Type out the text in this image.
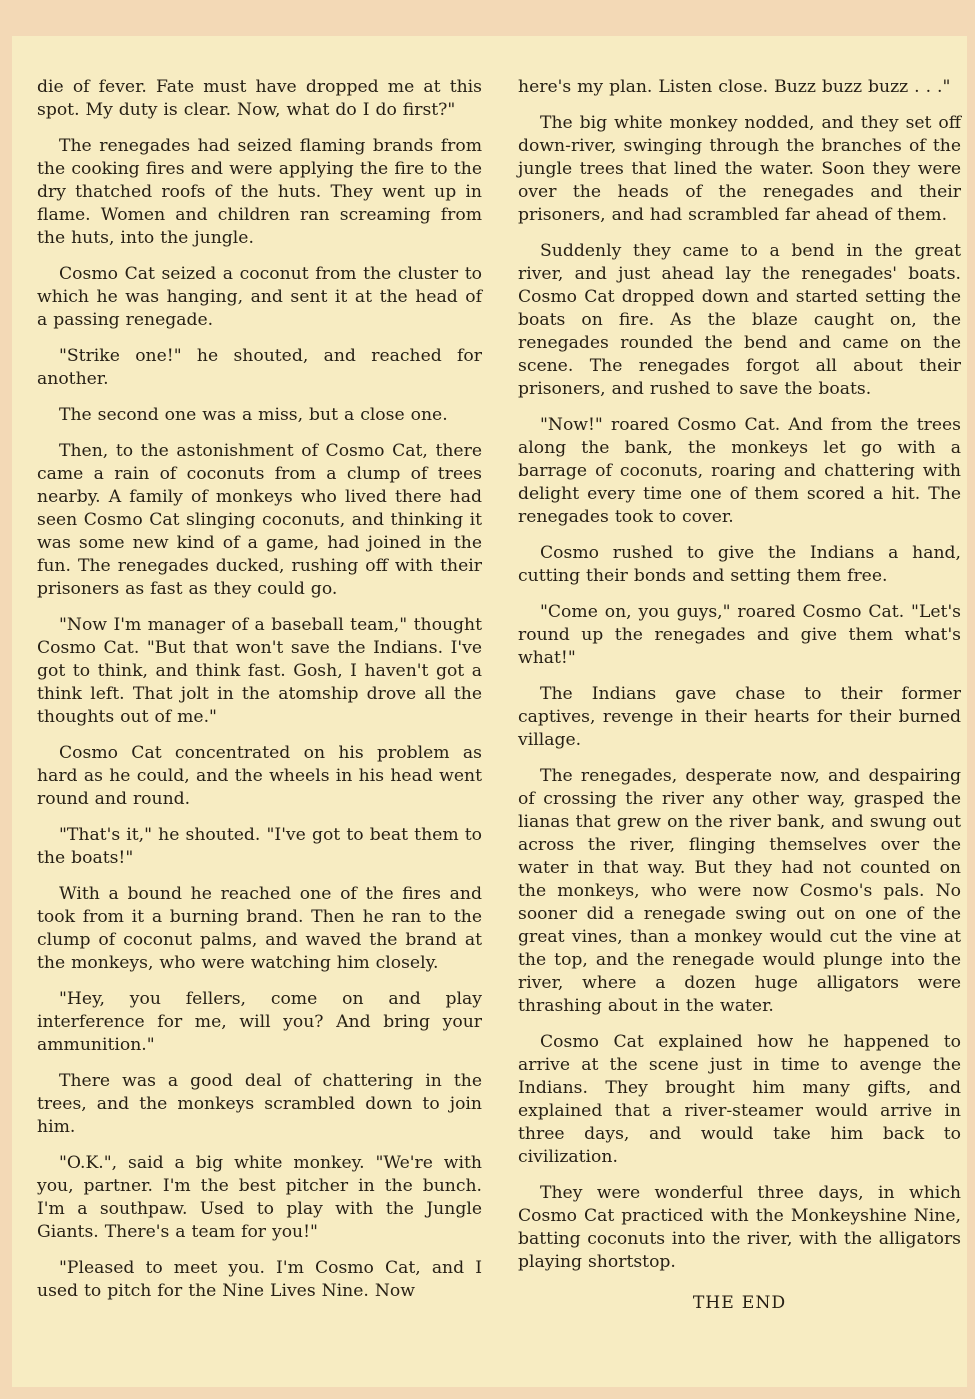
die of fever. Fate must have dropped me at this spot. My duty is clear. Now, what do I do first?"

The renegades had seized flaming brands from the cooking fires and were applying the fire to the dry thatched roofs of the huts. They went up in flame. Women and children ran screaming from the huts, into the jungle.

Cosmo Cat seized a coconut from the cluster to which he was hanging, and sent it at the head of a passing renegade.

"Strike one!" he shouted, and reached for another.

The second one was a miss, but a close one.

Then, to the astonishment of Cosmo Cat, there came a rain of coconuts from a clump of trees nearby. A family of monkeys who lived there had seen Cosmo Cat slinging coconuts, and thinking it was some new kind of a game, had joined in the fun. The renegades ducked, rushing off with their prisoners as fast as they could go.

"Now I'm manager of a baseball team," thought Cosmo Cat. "But that won't save the Indians. I've got to think, and think fast. Gosh, I haven't got a think left. That jolt in the atomship drove all the thoughts out of me."

Cosmo Cat concentrated on his problem as hard as he could, and the wheels in his head went round and round.

"That's it," he shouted. "I've got to beat them to the boats!"

With a bound he reached one of the fires and took from it a burning brand. Then he ran to the clump of coconut palms, and waved the brand at the monkeys, who were watching him closely.

"Hey, you fellers, come on and play interference for me, will you? And bring your ammunition."

There was a good deal of chattering in the trees, and the monkeys scrambled down to join him.

"O.K.", said a big white monkey. "We're with you, partner. I'm the best pitcher in the bunch. I'm a southpaw. Used to play with the Jungle Giants. There's a team for you!"

"Pleased to meet you. I'm Cosmo Cat, and I used to pitch for the Nine Lives Nine. Now

here's my plan. Listen close. Buzz buzz buzz . . ."

The big white monkey nodded, and they set off down-river, swinging through the branches of the jungle trees that lined the water. Soon they were over the heads of the renegades and their prisoners, and had scrambled far ahead of them.

Suddenly they came to a bend in the great river, and just ahead lay the renegades' boats. Cosmo Cat dropped down and started setting the boats on fire. As the blaze caught on, the renegades rounded the bend and came on the scene. The renegades forgot all about their prisoners, and rushed to save the boats.

"Now!" roared Cosmo Cat. And from the trees along the bank, the monkeys let go with a barrage of coconuts, roaring and chattering with delight every time one of them scored a hit. The renegades took to cover.

Cosmo rushed to give the Indians a hand, cutting their bonds and setting them free.

"Come on, you guys," roared Cosmo Cat. "Let's round up the renegades and give them what's what!"

The Indians gave chase to their former captives, revenge in their hearts for their burned village.

The renegades, desperate now, and despairing of crossing the river any other way, grasped the lianas that grew on the river bank, and swung out across the river, flinging themselves over the water in that way. But they had not counted on the monkeys, who were now Cosmo's pals. No sooner did a renegade swing out on one of the great vines, than a monkey would cut the vine at the top, and the renegade would plunge into the river, where a dozen huge alligators were thrashing about in the water.

Cosmo Cat explained how he happened to arrive at the scene just in time to avenge the Indians. They brought him many gifts, and explained that a river-steamer would arrive in three days, and would take him back to civilization.

They were wonderful three days, in which Cosmo Cat practiced with the Monkeyshine Nine, batting coconuts into the river, with the alligators playing shortstop.

THE END
